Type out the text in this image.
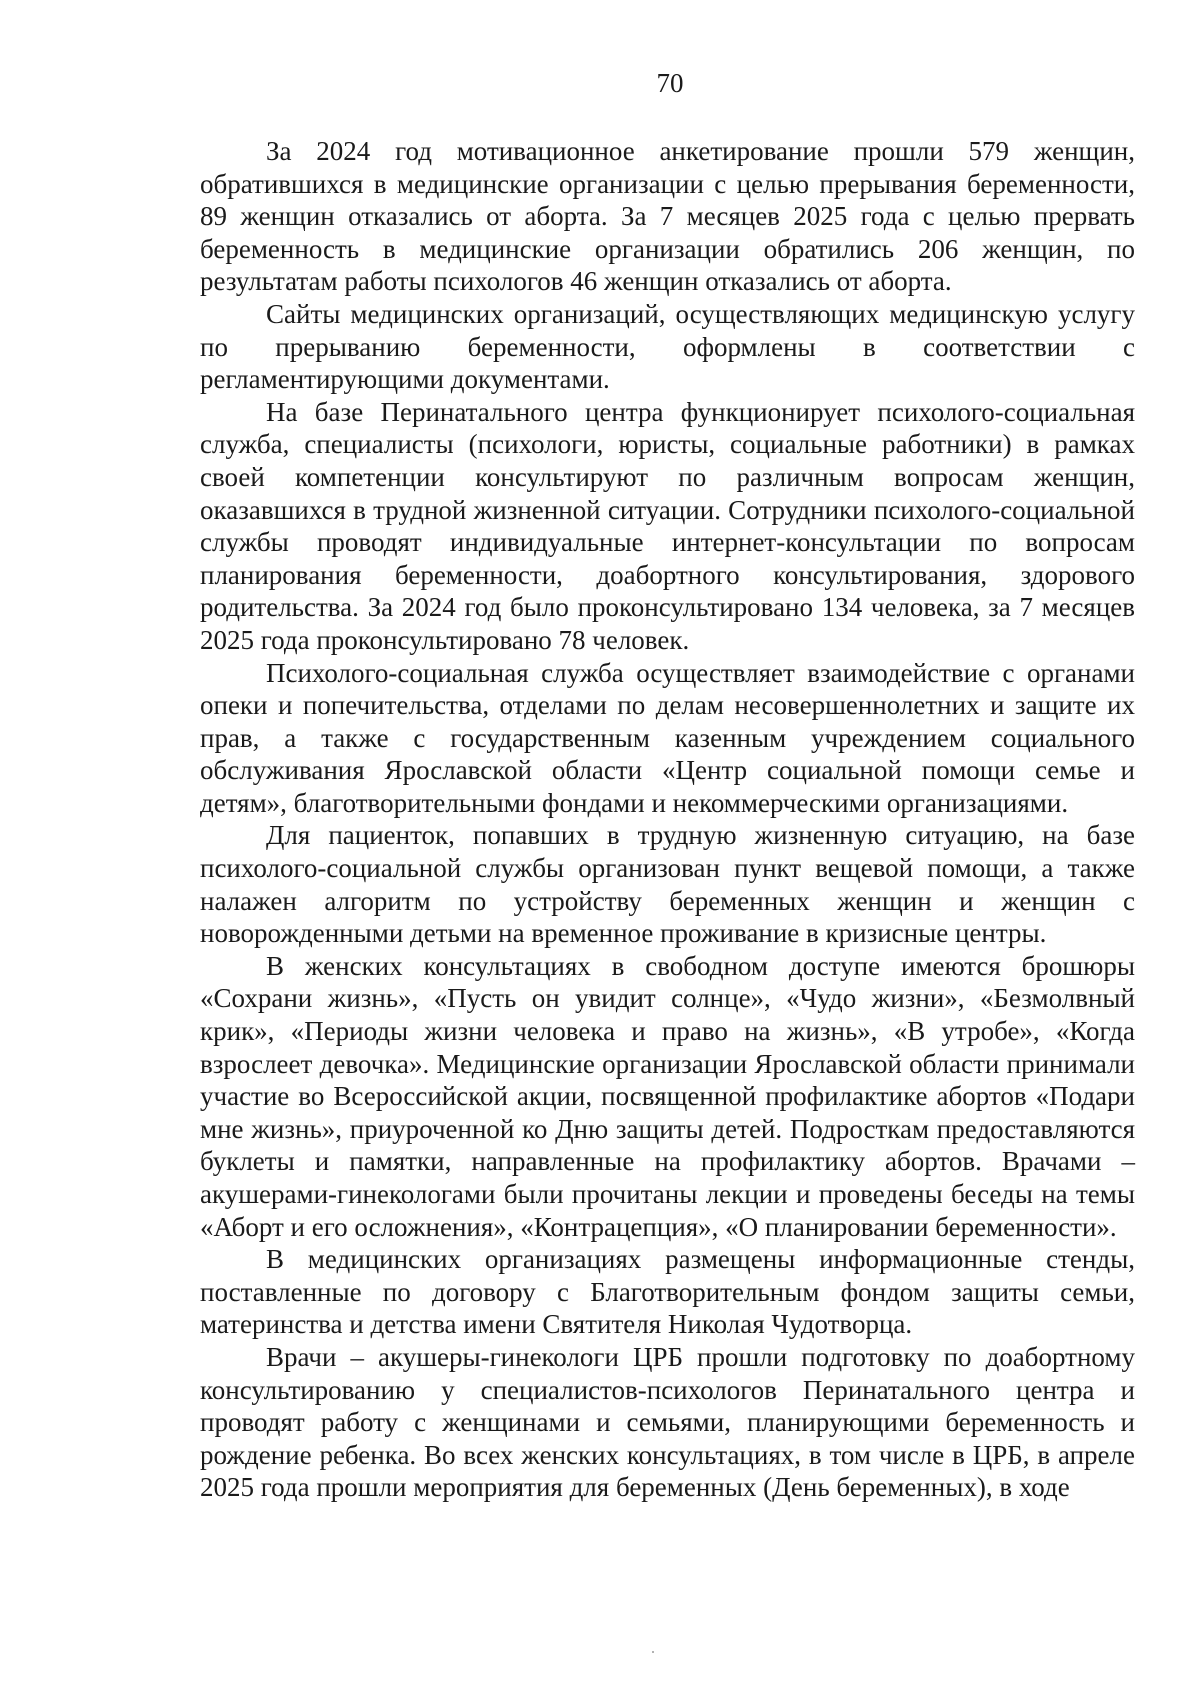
70

За 2024 год мотивационное анкетирование прошли 579 женщин, обратившихся в медицинские организации с целью прерывания беременности, 89 женщин отказались от аборта. За 7 месяцев 2025 года с целью прервать беременность в медицинские организации обратились 206 женщин, по результатам работы психологов 46 женщин отказались от аборта.

Сайты медицинских организаций, осуществляющих медицинскую услугу по прерыванию беременности, оформлены в соответствии с регламентирующими документами.

На базе Перинатального центра функционирует психолого-социальная служба, специалисты (психологи, юристы, социальные работники) в рамках своей компетенции консультируют по различным вопросам женщин, оказавшихся в трудной жизненной ситуации. Сотрудники психолого-социальной службы проводят индивидуальные интернет-консультации по вопросам планирования беременности, доабортного консультирования, здорового родительства. За 2024 год было проконсультировано 134 человека, за 7 месяцев 2025 года проконсультировано 78 человек.

Психолого-социальная служба осуществляет взаимодействие с органами опеки и попечительства, отделами по делам несовершеннолетних и защите их прав, а также с государственным казенным учреждением социального обслуживания Ярославской области «Центр социальной помощи семье и детям», благотворительными фондами и некоммерческими организациями.

Для пациенток, попавших в трудную жизненную ситуацию, на базе психолого-социальной службы организован пункт вещевой помощи, а также налажен алгоритм по устройству беременных женщин и женщин с новорожденными детьми на временное проживание в кризисные центры.

В женских консультациях в свободном доступе имеются брошюры «Сохрани жизнь», «Пусть он увидит солнце», «Чудо жизни», «Безмолвный крик», «Периоды жизни человека и право на жизнь», «В утробе», «Когда взрослеет девочка». Медицинские организации Ярославской области принимали участие во Всероссийской акции, посвященной профилактике абортов «Подари мне жизнь», приуроченной ко Дню защиты детей. Подросткам предоставляются буклеты и памятки, направленные на профилактику абортов. Врачами – акушерами-гинекологами были прочитаны лекции и проведены беседы на темы «Аборт и его осложнения», «Контрацепция», «О планировании беременности».

В медицинских организациях размещены информационные стенды, поставленные по договору с Благотворительным фондом защиты семьи, материнства и детства имени Святителя Николая Чудотворца.

Врачи – акушеры-гинекологи ЦРБ прошли подготовку по доабортному консультированию у специалистов-психологов Перинатального центра и проводят работу с женщинами и семьями, планирующими беременность и рождение ребенка. Во всех женских консультациях, в том числе в ЦРБ, в апреле 2025 года прошли мероприятия для беременных (День беременных), в ходе
